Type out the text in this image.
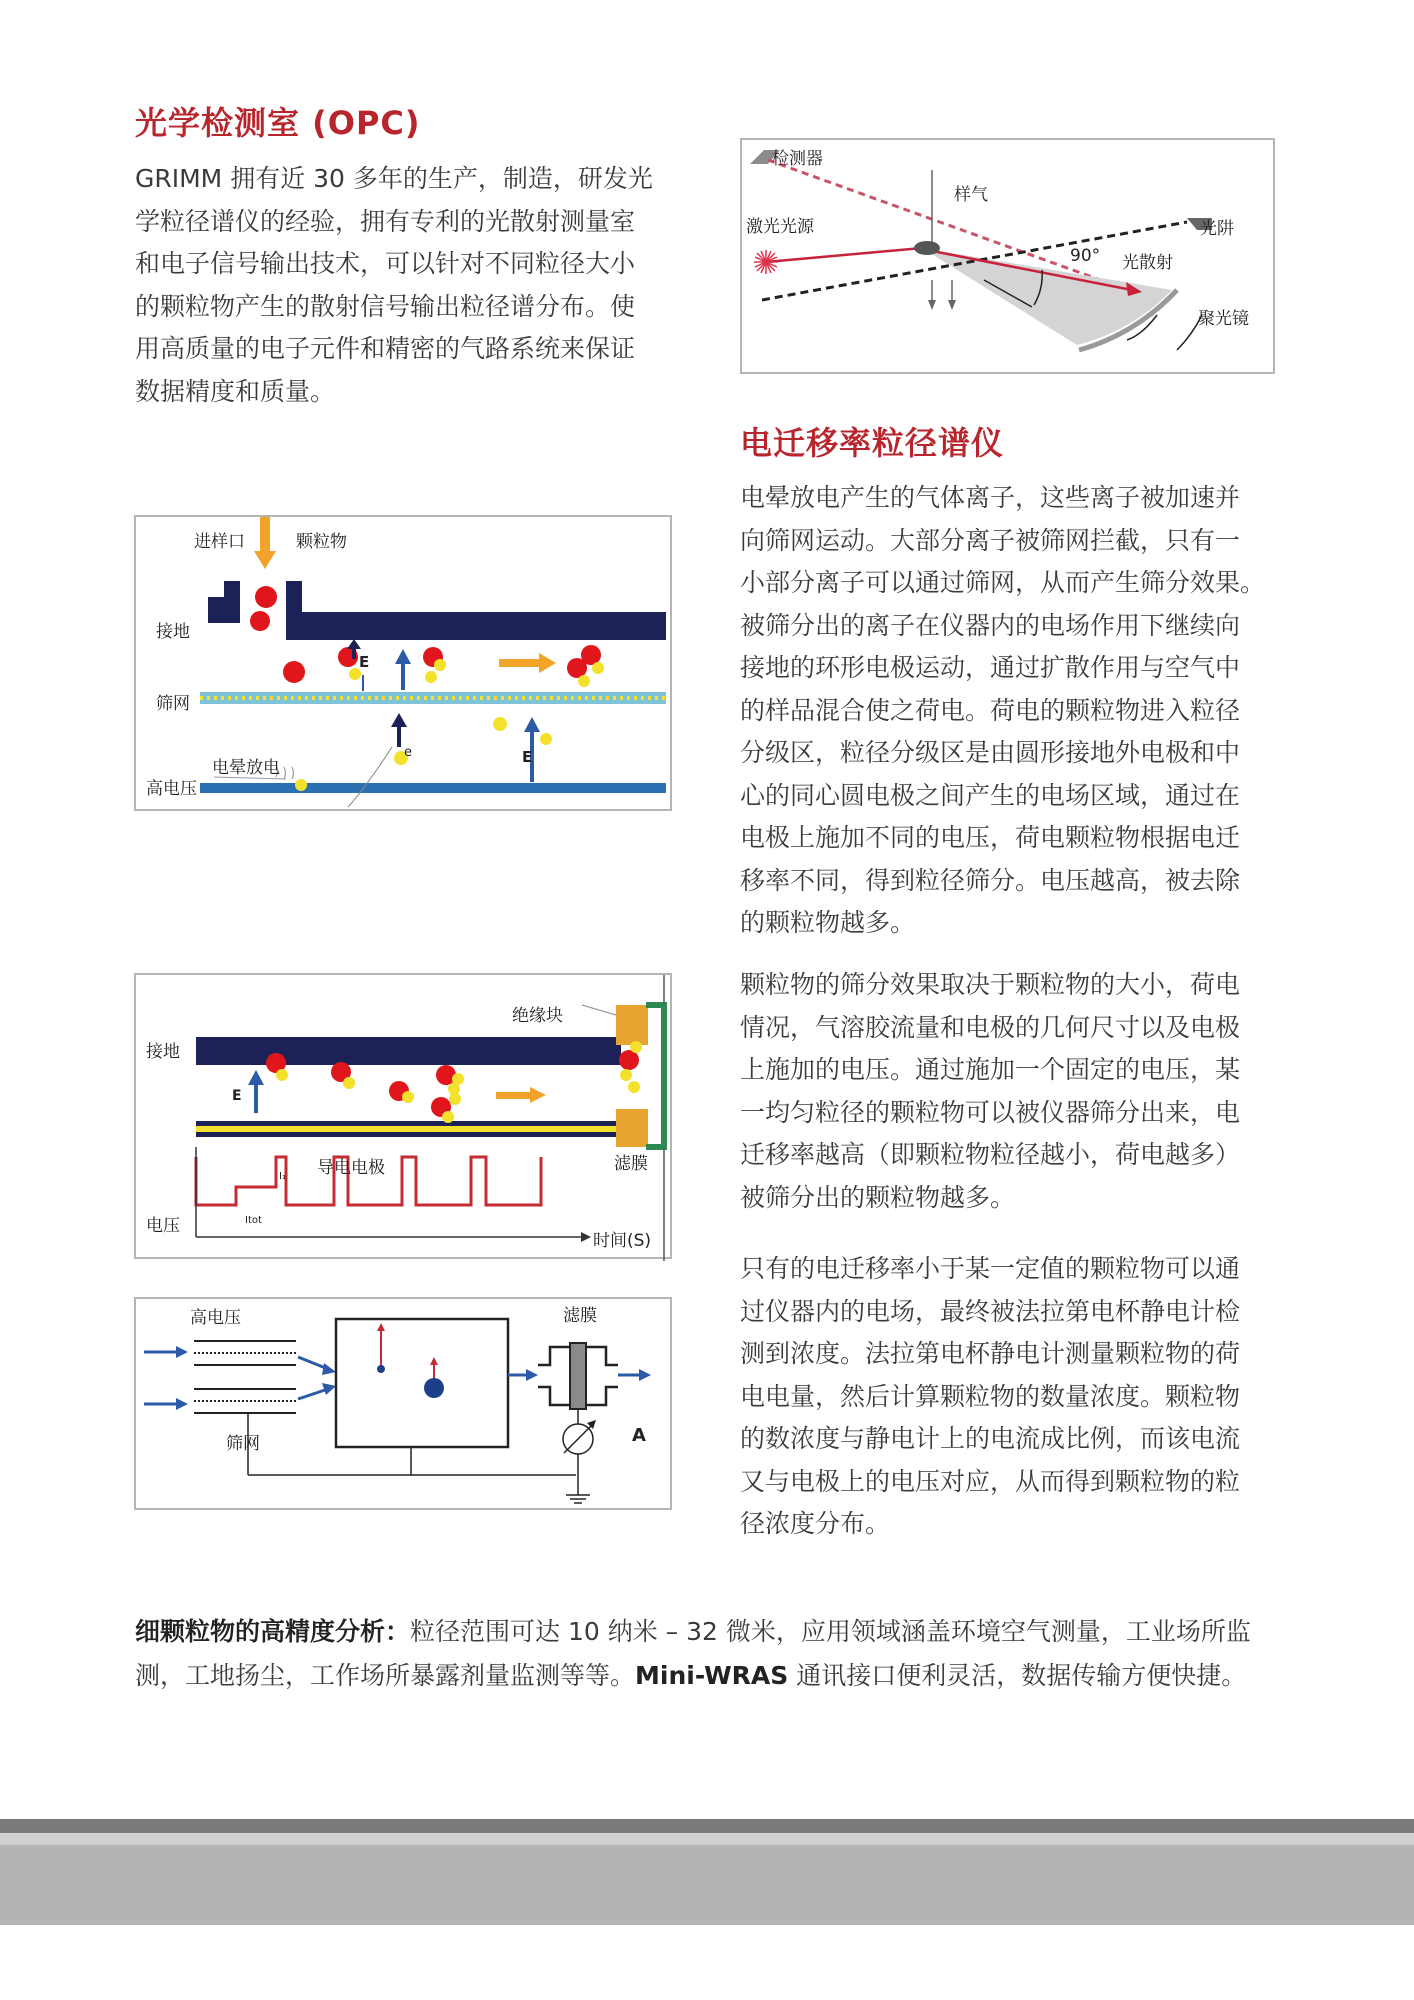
光学检测室 (OPC)

GRIMM 拥有近 30 多年的生产，制造，研发光
学粒径谱仪的经验，拥有专利的光散射测量室
和电子信号输出技术，可以针对不同粒径大小
的颗粒物产生的散射信号输出粒径谱分布。使
用高质量的电子元件和精密的气路系统来保证
数据精度和质量。

检测器
样气
激光光源	光阱
90° 光散射
聚光镜
电迁移率粒径谱仪

电晕放电产生的气体离子，这些离子被加速并
向筛网运动。大部分离子被筛网拦截，只有一
小部分离子可以通过筛网，从而产生筛分效果。
被筛分出的离子在仪器内的电场作用下继续向
接地的环形电极运动，通过扩散作用与空气中
的样品混合使之荷电。荷电的颗粒物进入粒径
分级区，粒径分级区是由圆形接地外电极和中
心的同心圆电极之间产生的电场区域，通过在
电极上施加不同的电压，荷电颗粒物根据电迁
移率不同，得到粒径筛分。电压越高，被去除
的颗粒物越多。

颗粒物的筛分效果取决于颗粒物的大小，荷电
情况，气溶胶流量和电极的几何尺寸以及电极
上施加的电压。通过施加一个固定的电压，某
一均匀粒径的颗粒物可以被仪器筛分出来，电
迁移率越高（即颗粒物粒径越小，荷电越多）
被筛分出的颗粒物越多。

只有的电迁移率小于某一定值的颗粒物可以通
过仪器内的电场，最终被法拉第电杯静电计检
测到浓度。法拉第电杯静电计测量颗粒物的荷
电电量，然后计算颗粒物的数量浓度。颗粒物
的数浓度与静电计上的电流成比例，而该电流
又与电极上的电压对应，从而得到颗粒物的粒
径浓度分布。

进样口	颗粒物
接地
筛网
电晕放电
高电压
E
E
e
绝缘块
接地
导电电极	滤膜
电压
时间(S)
E
I₁
Itot
高电压	滤膜
筛网	A

细颗粒物的高精度分析：粒径范围可达 10 纳米 – 32 微米，应用领域涵盖环境空气测量，工业场所监测，工地扬尘，工作场所暴露剂量监测等等。Mini-WRAS 通讯接口便利灵活，数据传输方便快捷。
